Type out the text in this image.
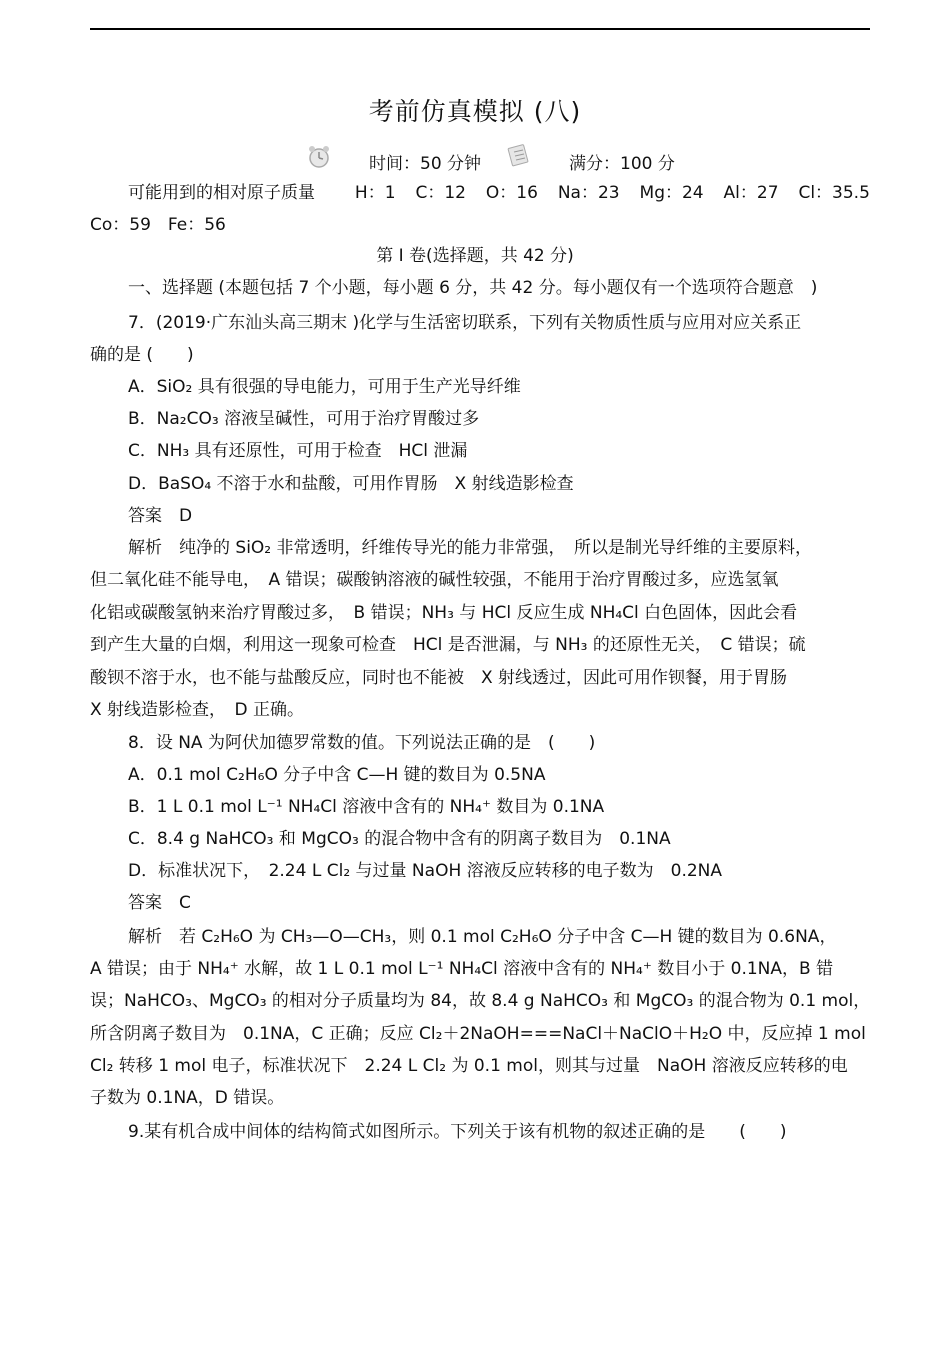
考前仿真模拟 (八)
时间：50 分钟	满分：100 分
可能用到的相对原子质量 H：1 C：12 O：16 Na：23 Mg：24 Al：27 Cl：35.5
Co：59　Fe：56
第 I 卷(选择题，共 42 分)
一、选择题 (本题包括 7 个小题，每小题 6 分，共 42 分。每小题仅有一个选项符合题意　)
7．(2019·广东汕头高三期末 )化学与生活密切联系，下列有关物质性质与应用对应关系正
确的是 (　　)
A．SiO₂ 具有很强的导电能力，可用于生产光导纤维
B．Na₂CO₃ 溶液呈碱性，可用于治疗胃酸过多
C．NH₃ 具有还原性，可用于检查　HCl 泄漏
D．BaSO₄ 不溶于水和盐酸，可用作胃肠　X 射线造影检查
答案　D
解析　纯净的 SiO₂ 非常透明，纤维传导光的能力非常强，　所以是制光导纤维的主要原料，
但二氧化硅不能导电，　A 错误；碳酸钠溶液的碱性较强，不能用于治疗胃酸过多，应选氢氧
化铝或碳酸氢钠来治疗胃酸过多，　B 错误；NH₃ 与 HCl 反应生成 NH₄Cl 白色固体，因此会看
到产生大量的白烟，利用这一现象可检查　HCl 是否泄漏，与 NH₃ 的还原性无关，　C 错误；硫
酸钡不溶于水，也不能与盐酸反应，同时也不能被　X 射线透过，因此可用作钡餐，用于胃肠
X 射线造影检查，　D 正确。
8．设 NA 为阿伏加德罗常数的值。下列说法正确的是　(　　)
A．0.1 mol C₂H₆O 分子中含 C—H 键的数目为 0.5NA
B．1 L 0.1 mol L⁻¹ NH₄Cl 溶液中含有的 NH₄⁺ 数目为 0.1NA
C．8.4 g NaHCO₃ 和 MgCO₃ 的混合物中含有的阴离子数目为　0.1NA
D．标准状况下，　2.24 L Cl₂ 与过量 NaOH 溶液反应转移的电子数为　0.2NA
答案　C
解析　若 C₂H₆O 为 CH₃—O—CH₃，则 0.1 mol C₂H₆O 分子中含 C—H 键的数目为 0.6NA，
A 错误；由于 NH₄⁺ 水解，故 1 L 0.1 mol L⁻¹ NH₄Cl 溶液中含有的 NH₄⁺ 数目小于 0.1NA，B 错
误；NaHCO₃、MgCO₃ 的相对分子质量均为 84，故 8.4 g NaHCO₃ 和 MgCO₃ 的混合物为 0.1 mol，
所含阴离子数目为　0.1NA，C 正确；反应 Cl₂＋2NaOH===NaCl＋NaClO＋H₂O 中，反应掉 1 mol
Cl₂ 转移 1 mol 电子，标准状况下　2.24 L Cl₂ 为 0.1 mol，则其与过量　NaOH 溶液反应转移的电
子数为 0.1NA，D 错误。
9.某有机合成中间体的结构简式如图所示。下列关于该有机物的叙述正确的是　　(　　)
